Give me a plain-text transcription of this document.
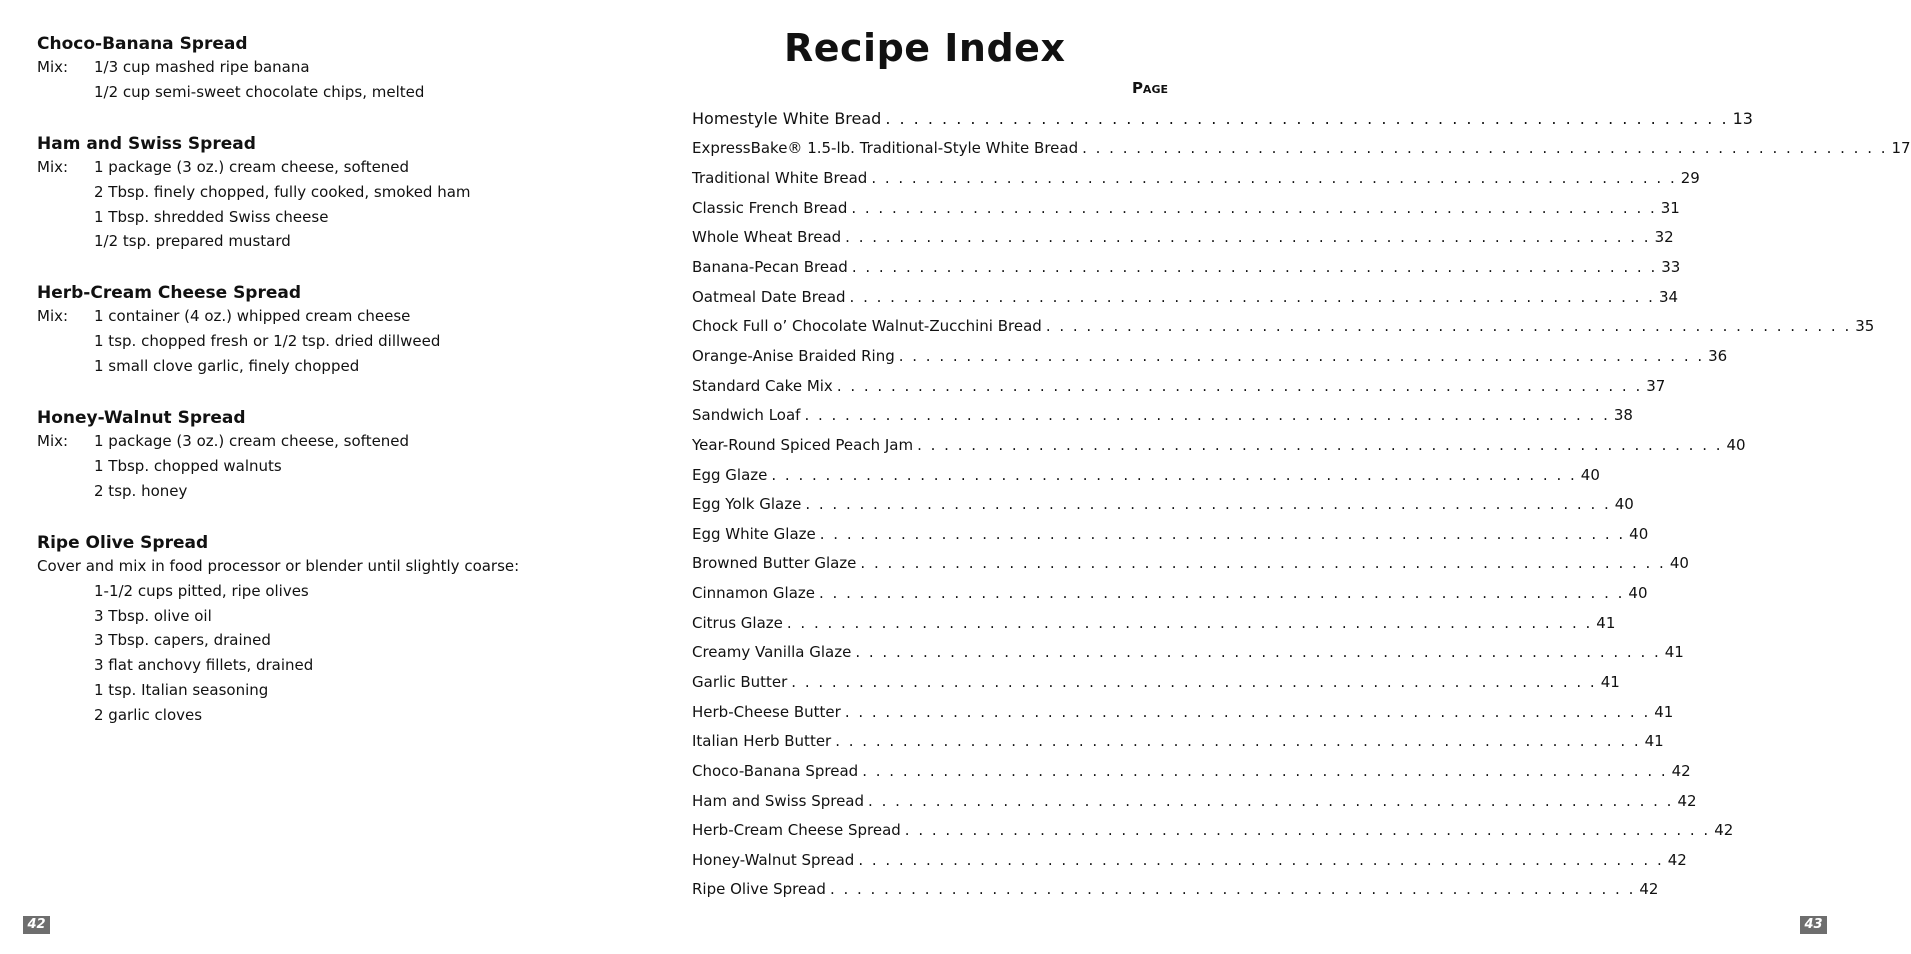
Choco-Banana Spread
Mix:	1/3 cup mashed ripe banana
1/2 cup semi-sweet chocolate chips, melted
Ham and Swiss Spread
Mix:	1 package (3 oz.) cream cheese, softened
2 Tbsp. finely chopped, fully cooked, smoked ham
1 Tbsp. shredded Swiss cheese
1/2 tsp. prepared mustard
Herb-Cream Cheese Spread
Mix:	1 container (4 oz.) whipped cream cheese
1 tsp. chopped fresh or 1/2 tsp. dried dillweed
1 small clove garlic, finely chopped
Honey-Walnut Spread
Mix:	1 package (3 oz.) cream cheese, softened
1 Tbsp. chopped walnuts
2 tsp. honey
Ripe Olive Spread
Cover and mix in food processor or blender until slightly coarse:
1-1/2 cups pitted, ripe olives
3 Tbsp. olive oil
3 Tbsp. capers, drained
3 flat anchovy fillets, drained
1 tsp. Italian seasoning
2 garlic cloves
42
Recipe Index
Page
Homestyle White Bread . . .	13
ExpressBake® 1.5-lb. Traditional-Style White Bread . . .	17
Traditional White Bread . . .	29
Classic French Bread . . .	31
Whole Wheat Bread . . .	32
Banana-Pecan Bread . . .	33
Oatmeal Date Bread . . .	34
Chock Full o’ Chocolate Walnut-Zucchini Bread . . .	35
Orange-Anise Braided Ring . . .	36
Standard Cake Mix . . .	37
Sandwich Loaf . . .	38
Year-Round Spiced Peach Jam . . .	40
Egg Glaze . . .	40
Egg Yolk Glaze . . .	40
Egg White Glaze . . .	40
Browned Butter Glaze . . .	40
Cinnamon Glaze . . .	40
Citrus Glaze . . .	41
Creamy Vanilla Glaze . . .	41
Garlic Butter . . .	41
Herb-Cheese Butter . . .	41
Italian Herb Butter . . .	41
Choco-Banana Spread . . .	42
Ham and Swiss Spread . . .	42
Herb-Cream Cheese Spread . . .	42
Honey-Walnut Spread . . .	42
Ripe Olive Spread . . .	42
43
